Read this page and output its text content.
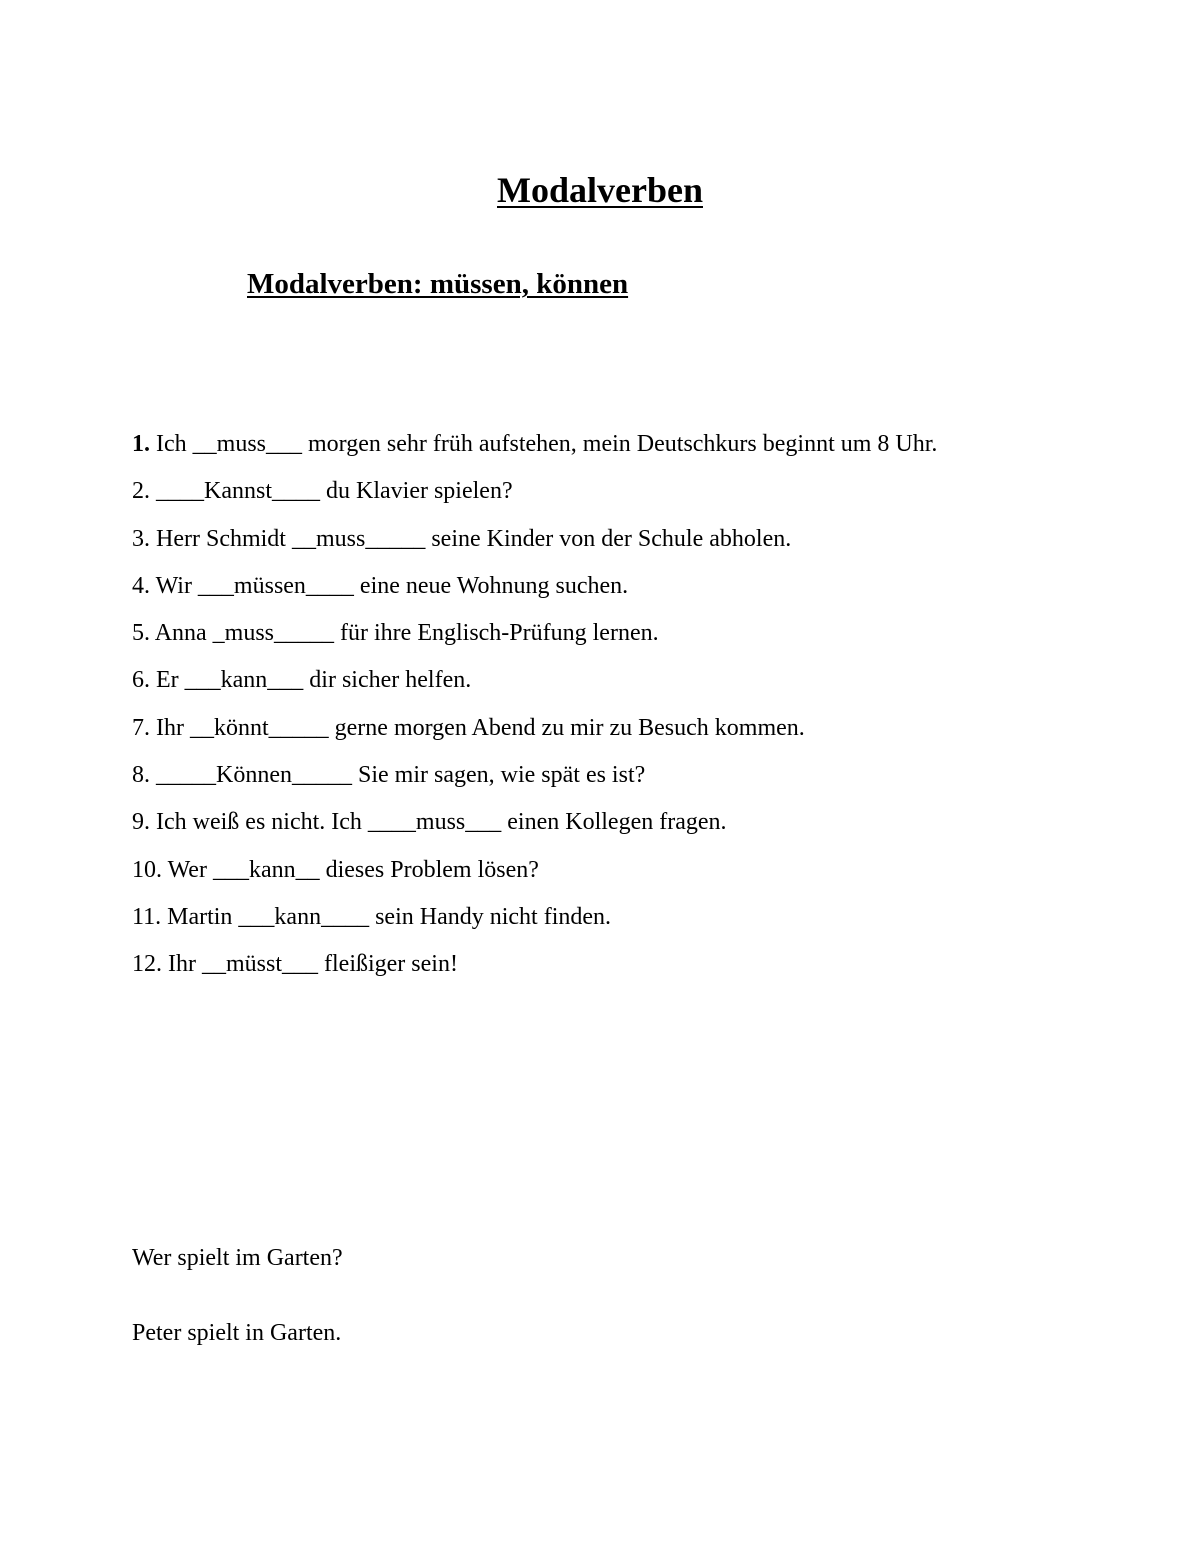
Modalverben
Modalverben: müssen, können
1. Ich __muss___ morgen sehr früh aufstehen, mein Deutschkurs beginnt um 8 Uhr.
2. ____Kannst____ du Klavier spielen?
3. Herr Schmidt __muss_____ seine Kinder von der Schule abholen.
4. Wir ___müssen____ eine neue Wohnung suchen.
5. Anna _muss_____ für ihre Englisch-Prüfung lernen.
6. Er ___kann___ dir sicher helfen.
7. Ihr __könnt_____ gerne morgen Abend zu mir zu Besuch kommen.
8. _____Können_____ Sie mir sagen, wie spät es ist?
9. Ich weiß es nicht. Ich ____muss___ einen Kollegen fragen.
10. Wer ___kann__ dieses Problem lösen?
11. Martin ___kann____ sein Handy nicht finden.
12. Ihr __müsst___ fleißiger sein!

Wer spielt im Garten?

Peter spielt in Garten.
